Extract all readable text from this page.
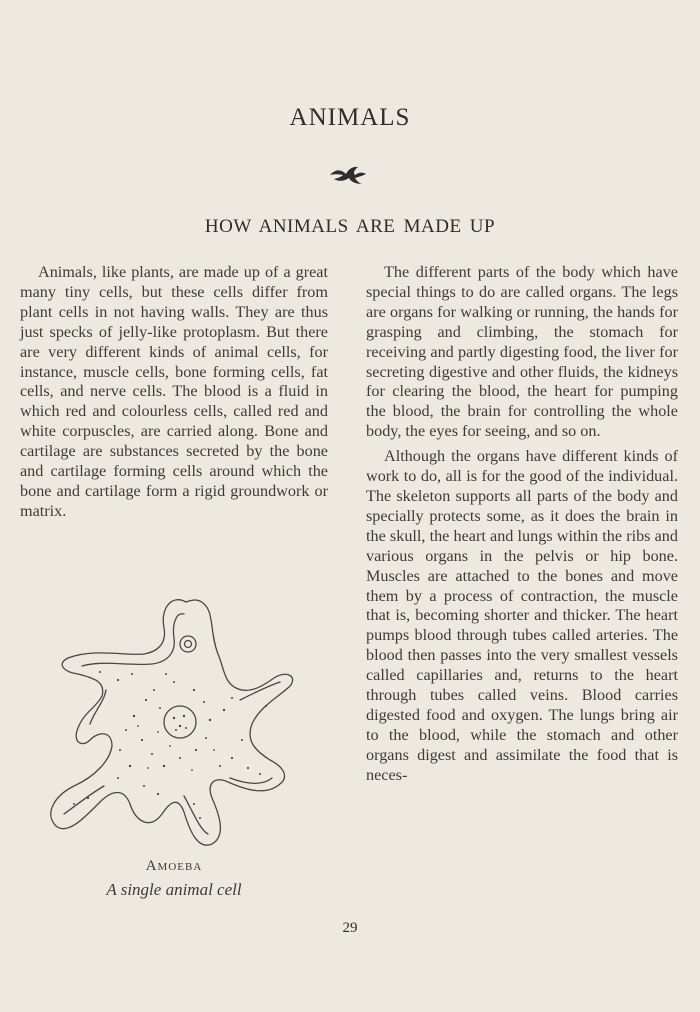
ANIMALS
HOW ANIMALS ARE MADE UP

Animals, like plants, are made up of a great many tiny cells, but these cells differ from plant cells in not having walls. They are thus just specks of jelly-like protoplasm. But there are very different kinds of animal cells, for instance, muscle cells, bone forming cells, fat cells, and nerve cells. The blood is a fluid in which red and colourless cells, called red and white corpuscles, are carried along. Bone and cartilage are substances secreted by the bone and cartilage forming cells around which the bone and cartilage form a rigid groundwork or matrix.

The different parts of the body which have special things to do are called organs. The legs are organs for walking or running, the hands for grasping and climbing, the stomach for receiving and partly digesting food, the liver for secreting digestive and other fluids, the kidneys for clearing the blood, the heart for pumping the blood, the brain for controlling the whole body, the eyes for seeing, and so on.

Although the organs have different kinds of work to do, all is for the good of the individual. The skeleton supports all parts of the body and specially protects some, as it does the brain in the skull, the heart and lungs within the ribs and various organs in the pelvis or hip bone. Muscles are attached to the bones and move them by a process of contraction, the muscle that is, becoming shorter and thicker. The heart pumps blood through tubes called arteries. The blood then passes into the very smallest vessels called capillaries and, returns to the heart through tubes called veins. Blood carries digested food and oxygen. The lungs bring air to the blood, while the stomach and other organs digest and assimilate the food that is neces-

Amoeba
A single animal cell
29
